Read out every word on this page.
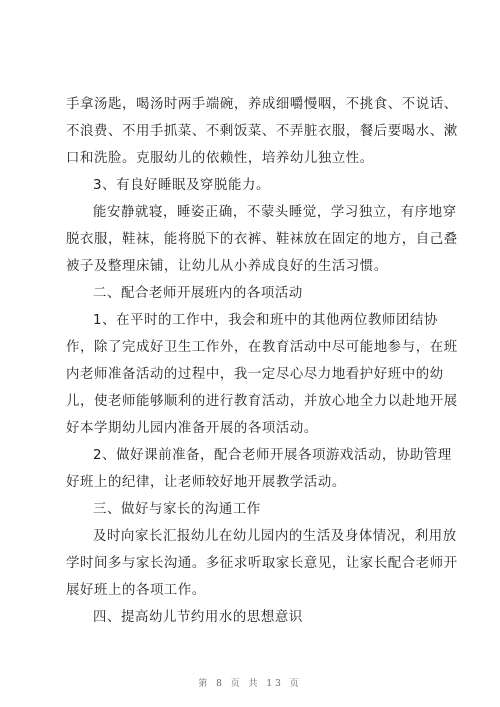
手拿汤匙，喝汤时两手端碗，养成细嚼慢咽，不挑食、不说话、
不浪费、不用手抓菜、不剩饭菜、不弄脏衣服，餐后要喝水、漱
口和洗脸。克服幼儿的依赖性，培养幼儿独立性。
3、有良好睡眠及穿脱能力。
能安静就寝，睡姿正确，不蒙头睡觉，学习独立，有序地穿
脱衣服，鞋袜，能将脱下的衣裤、鞋袜放在固定的地方，自己叠
被子及整理床铺，让幼儿从小养成良好的生活习惯。
二、配合老师开展班内的各项活动
1、在平时的工作中，我会和班中的其他两位教师团结协
作，除了完成好卫生工作外，在教育活动中尽可能地参与，在班
内老师准备活动的过程中，我一定尽心尽力地看护好班中的幼
儿，使老师能够顺利的进行教育活动，并放心地全力以赴地开展
好本学期幼儿园内准备开展的各项活动。
2、做好课前准备，配合老师开展各项游戏活动，协助管理
好班上的纪律，让老师较好地开展教学活动。
三、做好与家长的沟通工作
及时向家长汇报幼儿在幼儿园内的生活及身体情况，利用放
学时间多与家长沟通。多征求听取家长意见，让家长配合老师开
展好班上的各项工作。
四、提高幼儿节约用水的思想意识
第 8 页 共 13 页
